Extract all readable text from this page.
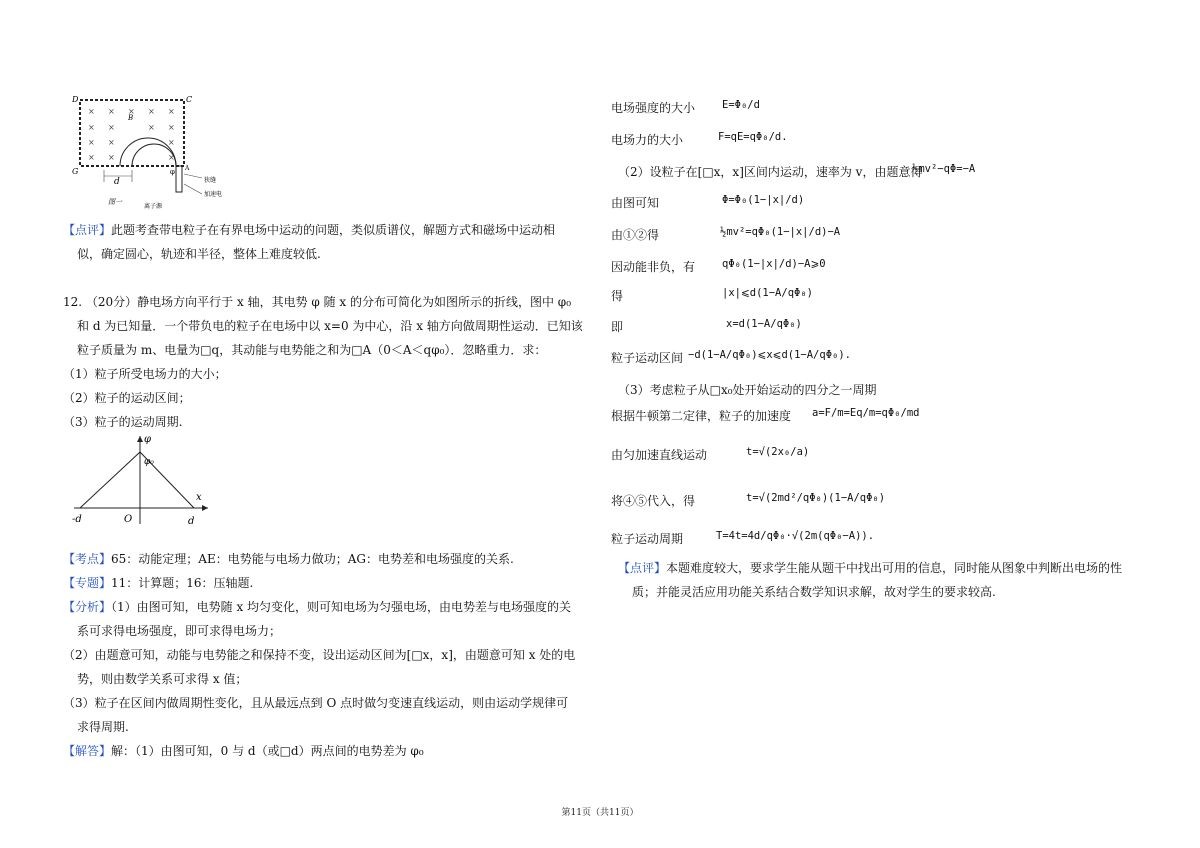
× × × × ×
× ×	× ×
× ×	×
× ×	×
D	C
G
B
d
φ A
狭缝
加速电
离子源
图一

【点评】此题考查带电粒子在有界电场中运动的问题，类似质谱仪，解题方式和磁场中运动相

似，确定圆心，轨迹和半径，整体上难度较低.

12. （20分）静电场方向平行于 x 轴，其电势 φ 随 x 的分布可简化为如图所示的折线，图中 φ₀

和 d 为已知量．一个带负电的粒子在电场中以 x=0 为中心，沿 x 轴方向做周期性运动．已知该

粒子质量为 m、电量为□q，其动能与电势能之和为□A（0＜A＜qφ₀）．忽略重力．求：

（1）粒子所受电场力的大小；

（2）粒子的运动区间；

（3）粒子的运动周期.

φ
φ₀
x
-d	O	d

【考点】65：动能定理；AE：电势能与电场力做功；AG：电势差和电场强度的关系.

【专题】11：计算题；16：压轴题.

【分析】（1）由图可知，电势随 x 均匀变化，则可知电场为匀强电场，由电势差与电场强度的关

系可求得电场强度，即可求得电场力；

（2）由题意可知，动能与电势能之和保持不变，设出运动区间为[□x，x]，由题意可知 x 处的电

势，则由数学关系可求得 x 值；

（3）粒子在区间内做周期性变化，且从最远点到 O 点时做匀变速直线运动，则由运动学规律可

求得周期.

【解答】解：（1）由图可知，0 与 d（或□d）两点间的电势差为 φ₀

电场强度的大小	E=Φ₀/d
电场力的大小	F=qE=qΦ₀/d.
（2）设粒子在[□x，x]区间内运动，速率为 v，由题意得
½mv²−qΦ=−A
由图可知	Φ=Φ₀(1−|x|/d)
由①②得	½mv²=qΦ₀(1−|x|/d)−A
因动能非负，有	qΦ₀(1−|x|/d)−A⩾0
得	|x|⩽d(1−A/qΦ₀)
即	x=d(1−A/qΦ₀)
粒子运动区间 −d(1−A/qΦ₀)⩽x⩽d(1−A/qΦ₀).
（3）考虑粒子从□x₀处开始运动的四分之一周期
根据牛顿第二定律，粒子的加速度 a=F/m=Eq/m=qΦ₀/md
由匀加速直线运动	t=√(2x₀/a)
将④⑤代入，得	t=√(2md²/qΦ₀)(1−A/qΦ₀)
粒子运动周期	T=4t=4d/qΦ₀·√(2m(qΦ₀−A)).

【点评】本题难度较大，要求学生能从题干中找出可用的信息，同时能从图象中判断出电场的性

质；并能灵活应用功能关系结合数学知识求解，故对学生的要求较高.

第11页（共11页）
